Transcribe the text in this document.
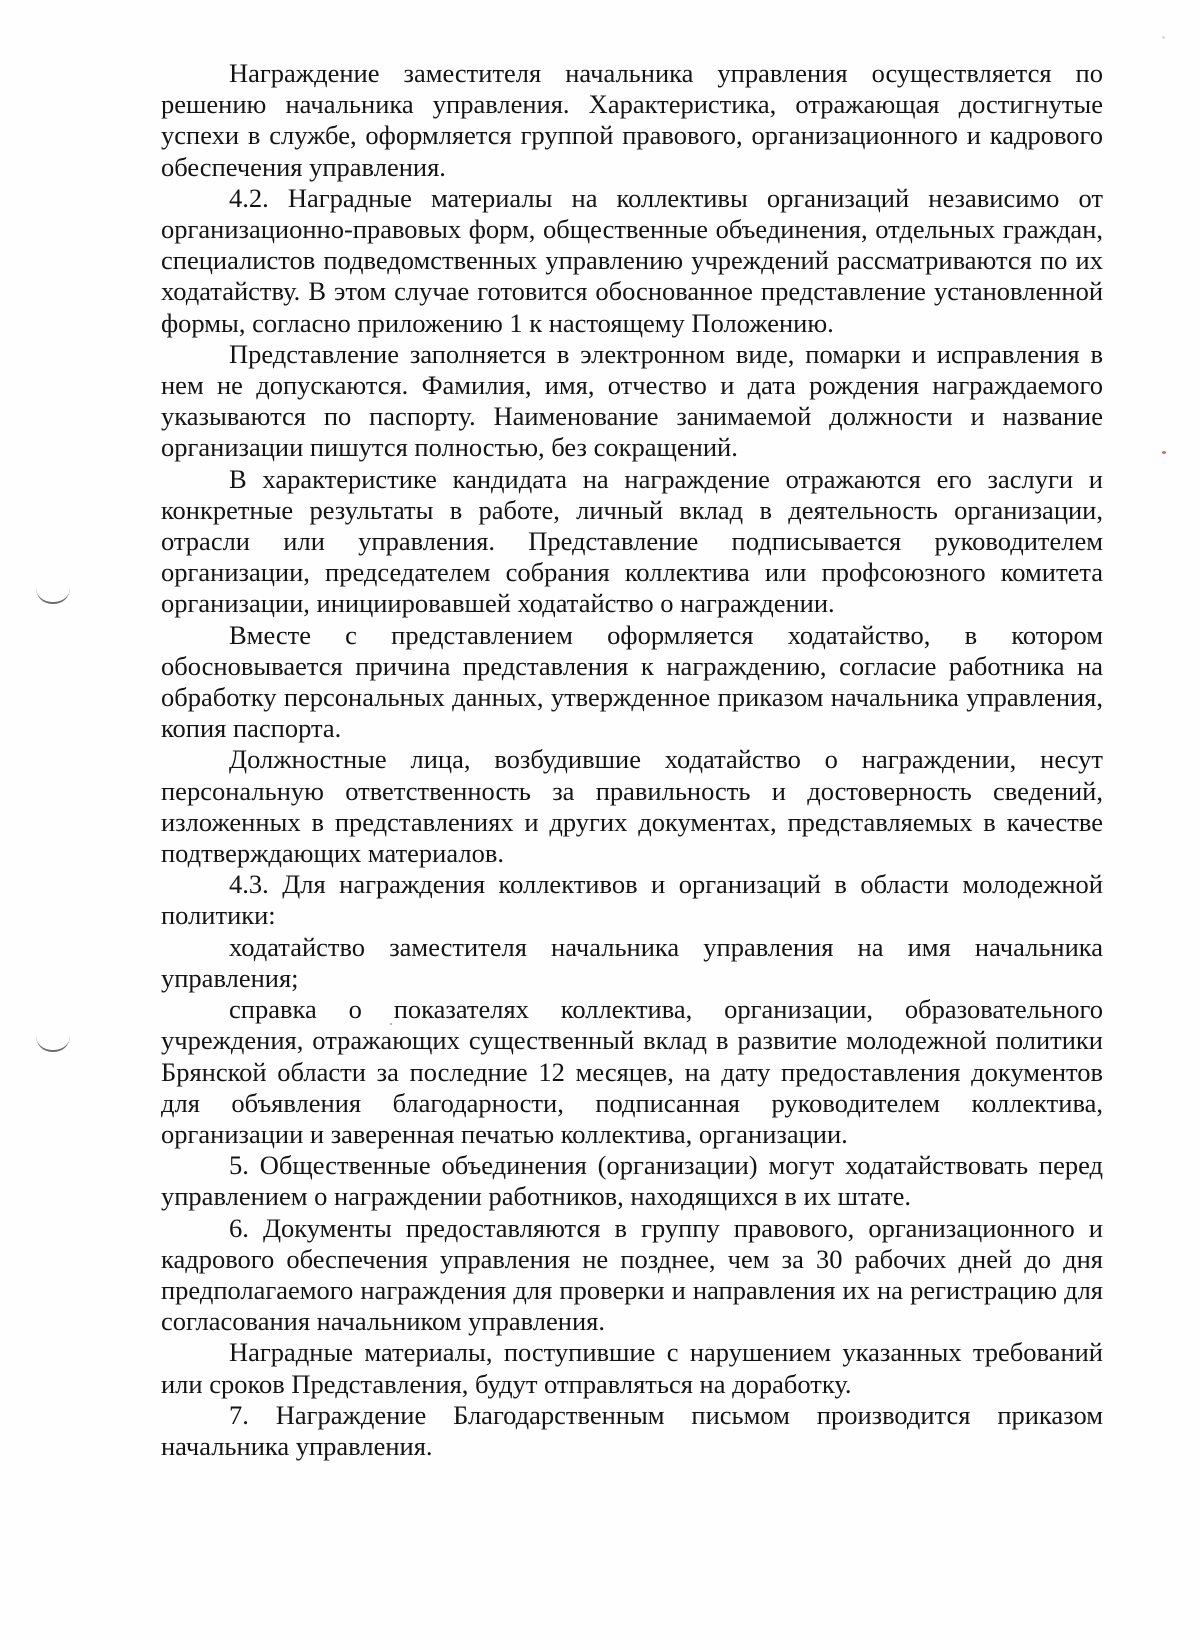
Награждение заместителя начальника управления осуществляется по решению начальника управления. Характеристика, отражающая достигнутые успехи в службе, оформляется группой правового, организационного и кадрового обеспечения управления.

4.2. Наградные материалы на коллективы организаций независимо от организационно-правовых форм, общественные объединения, отдельных граждан, специалистов подведомственных управлению учреждений рассматриваются по их ходатайству. В этом случае готовится обоснованное представление установленной формы, согласно приложению 1 к настоящему Положению.

Представление заполняется в электронном виде, помарки и исправления в нем не допускаются. Фамилия, имя, отчество и дата рождения награждаемого указываются по паспорту. Наименование занимаемой должности и название организации пишутся полностью, без сокращений.

В характеристике кандидата на награждение отражаются его заслуги и конкретные результаты в работе, личный вклад в деятельность организации, отрасли или управления. Представление подписывается руководителем организации, председателем собрания коллектива или профсоюзного комитета организации, инициировавшей ходатайство о награждении.

Вместе с представлением оформляется ходатайство, в котором обосновывается причина представления к награждению, согласие работника на обработку персональных данных, утвержденное приказом начальника управления, копия паспорта.

Должностные лица, возбудившие ходатайство о награждении, несут персональную ответственность за правильность и достоверность сведений, изложенных в представлениях и других документах, представляемых в качестве подтверждающих материалов.

4.3. Для награждения коллективов и организаций в области молодежной политики:

ходатайство заместителя начальника управления на имя начальника управления;

справка о показателях коллектива, организации, образовательного учреждения, отражающих существенный вклад в развитие молодежной политики Брянской области за последние 12 месяцев, на дату предоставления документов для объявления благодарности, подписанная руководителем коллектива, организации и заверенная печатью коллектива, организации.

5. Общественные объединения (организации) могут ходатайствовать перед управлением о награждении работников, находящихся в их штате.

6. Документы предоставляются в группу правового, организационного и кадрового обеспечения управления не позднее, чем за 30 рабочих дней до дня предполагаемого награждения для проверки и направления их на регистрацию для согласования начальником управления.

Наградные материалы, поступившие с нарушением указанных требований или сроков Представления, будут отправляться на доработку.

7. Награждение Благодарственным письмом производится приказом начальника управления.
